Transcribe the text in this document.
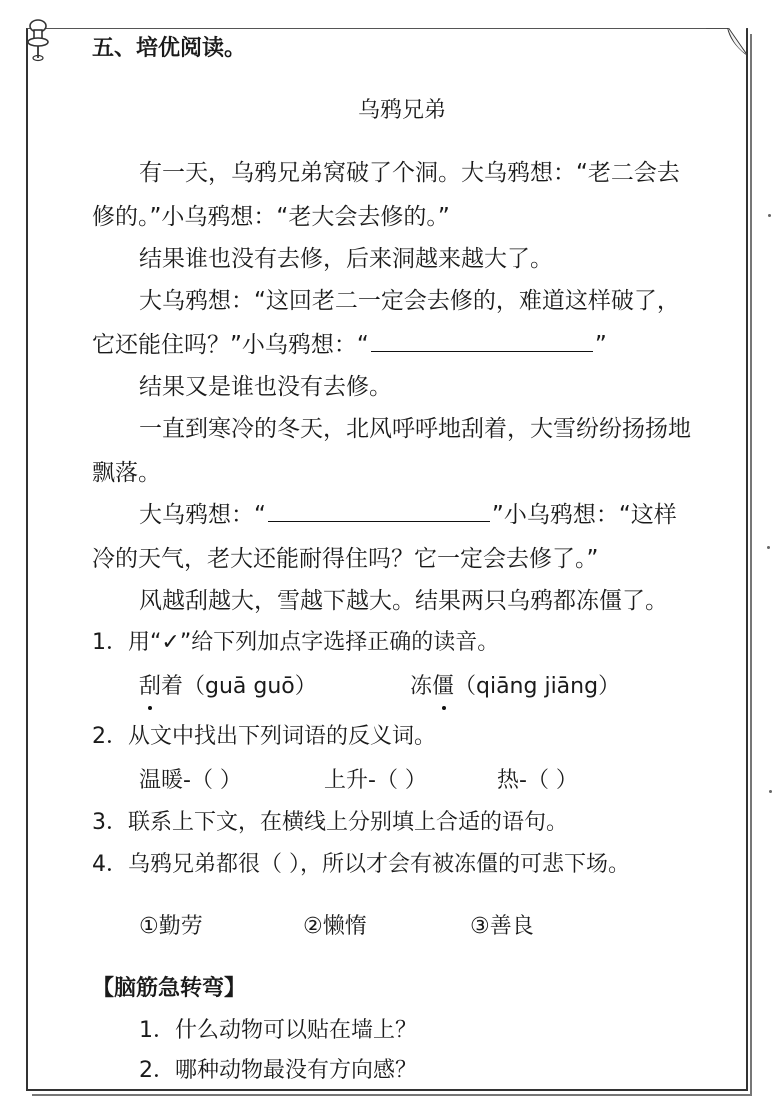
五、培优阅读。
乌鸦兄弟
有一天，乌鸦兄弟窝破了个洞。大乌鸦想：“老二会去
修的。”小乌鸦想：“老大会去修的。”
结果谁也没有去修，后来洞越来越大了。
大乌鸦想：“这回老二一定会去修的，难道这样破了，
它还能住吗？”小乌鸦想：“	”
结果又是谁也没有去修。
一直到寒冷的冬天，北风呼呼地刮着，大雪纷纷扬扬地
飘落。
大乌鸦想：“	”小乌鸦想：“这样
冷的天气，老大还能耐得住吗？它一定会去修了。”
风越刮越大，雪越下越大。结果两只乌鸦都冻僵了。
1．用“✓”给下列加点字选择正确的读音。
刮着（guā guō）	冻僵（qiāng jiāng）
2．从文中找出下列词语的反义词。
温暖-（ ）	上升-（ ）	热-（ ）
3．联系上下文，在横线上分别填上合适的语句。
4．乌鸦兄弟都很（ ），所以才会有被冻僵的可悲下场。
①勤劳	②懒惰	③善良
【脑筋急转弯】
1．什么动物可以贴在墙上？
2．哪种动物最没有方向感？
